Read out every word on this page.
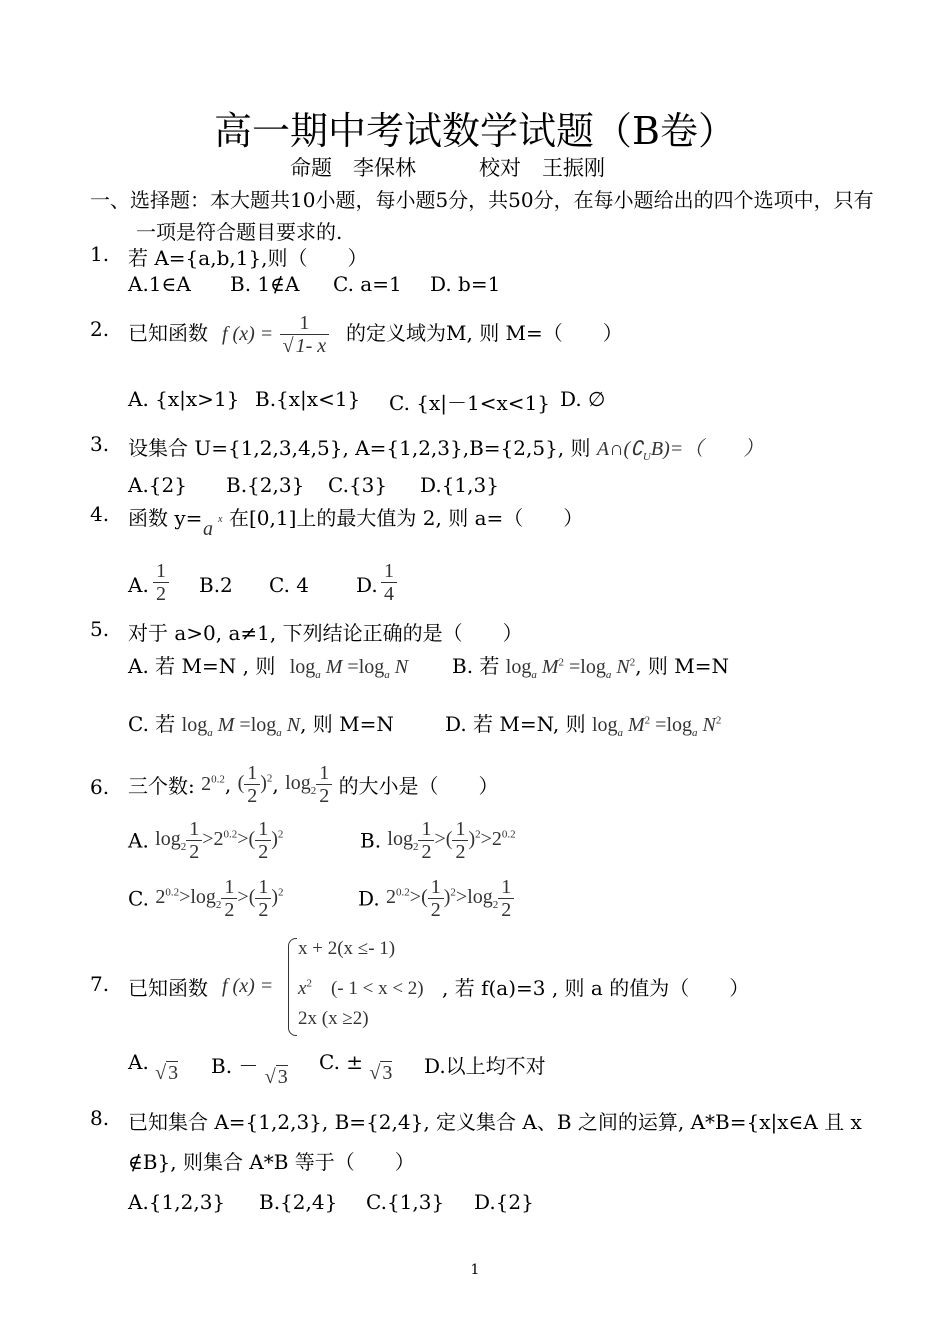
高一期中考试数学试题（B卷）
命题　李保林　　　校对　王振刚
一、选择题：本大题共10小题，每小题5分，共50分，在每小题给出的四个选项中，只有一项是符合题目要求的.
1. 若 A={a,b,1},则（　　）
A.1∈A B. 1∉A C. a=1 D. b=1
2. 已知函数 f $(x) = \frac{1}{√ 1- x}$ 的定义域为M, 则 M=（　　）
A. {x|x>1} B.{x|x<1} C. {x|－1<x<1} D. ∅
3. 设集合 U={1,2,3,4,5}, A={1,2,3},B={2,5}, 则 $A\cap(∁_UB)=$（　　）
A.{2} B.{2,3} C.{3} D.{1,3}
4. 函数 y= a x 在[0,1]上的最大值为 2, 则 a=（　　）
A. $\frac{1}{2} B.2$ C. 4 D. $\frac{1}{4}$
5. 对于 a>0, a≠1, 下列结论正确的是（　　）
A. 若 M=N , 则 $\log_a M =\log_a$ N B. 若 $\log_a M^2 =\log_a$ $N^2$, 则 M=N
C. 若 $\log_a M =\log_a$ N, 则 M=N	D. 若 M=N, 则 $\log_a M^2 =\log_a$ $N^2$
6. 三个数: $2^{0.2}$, ( $\frac{1}{2} )^2$, $\log_2 \frac{1}{2}$ 的大小是（　　）
A. $\log_2 \frac{1}{2} >2^{0.2}>( \frac{1}{2} )^2$	B. $\log_2 \frac{1}{2}$ >( $\frac{1}{2} )^2>2^{0.2}$
C. $2^{0.2}>\log_2 \frac{1}{2}$ >( $\frac{1}{2} )^2$	D. $2^{0.2}>( \frac{1}{2} )^2>\log_2 \frac{1}{2}$
7. 已知函数 f (x) =
x + 2(x ≤- 1)
$x^2$　 (- 1 < x < 2)
2x (x ≥2)
, 若 f(a)=3 , 则 a 的值为（　　）
A. √ 3 B. － √ 3
C. ± √ 3 D.以上均不对
8. 已知集合 A={1,2,3}, B={2,4}, 定义集合 A、B 之间的运算, A*B={x|x∈A 且 x
∉B}, 则集合 A*B 等于（　　）
A.{1,2,3} B.{2,4} C.{1,3} D.{2}
1
